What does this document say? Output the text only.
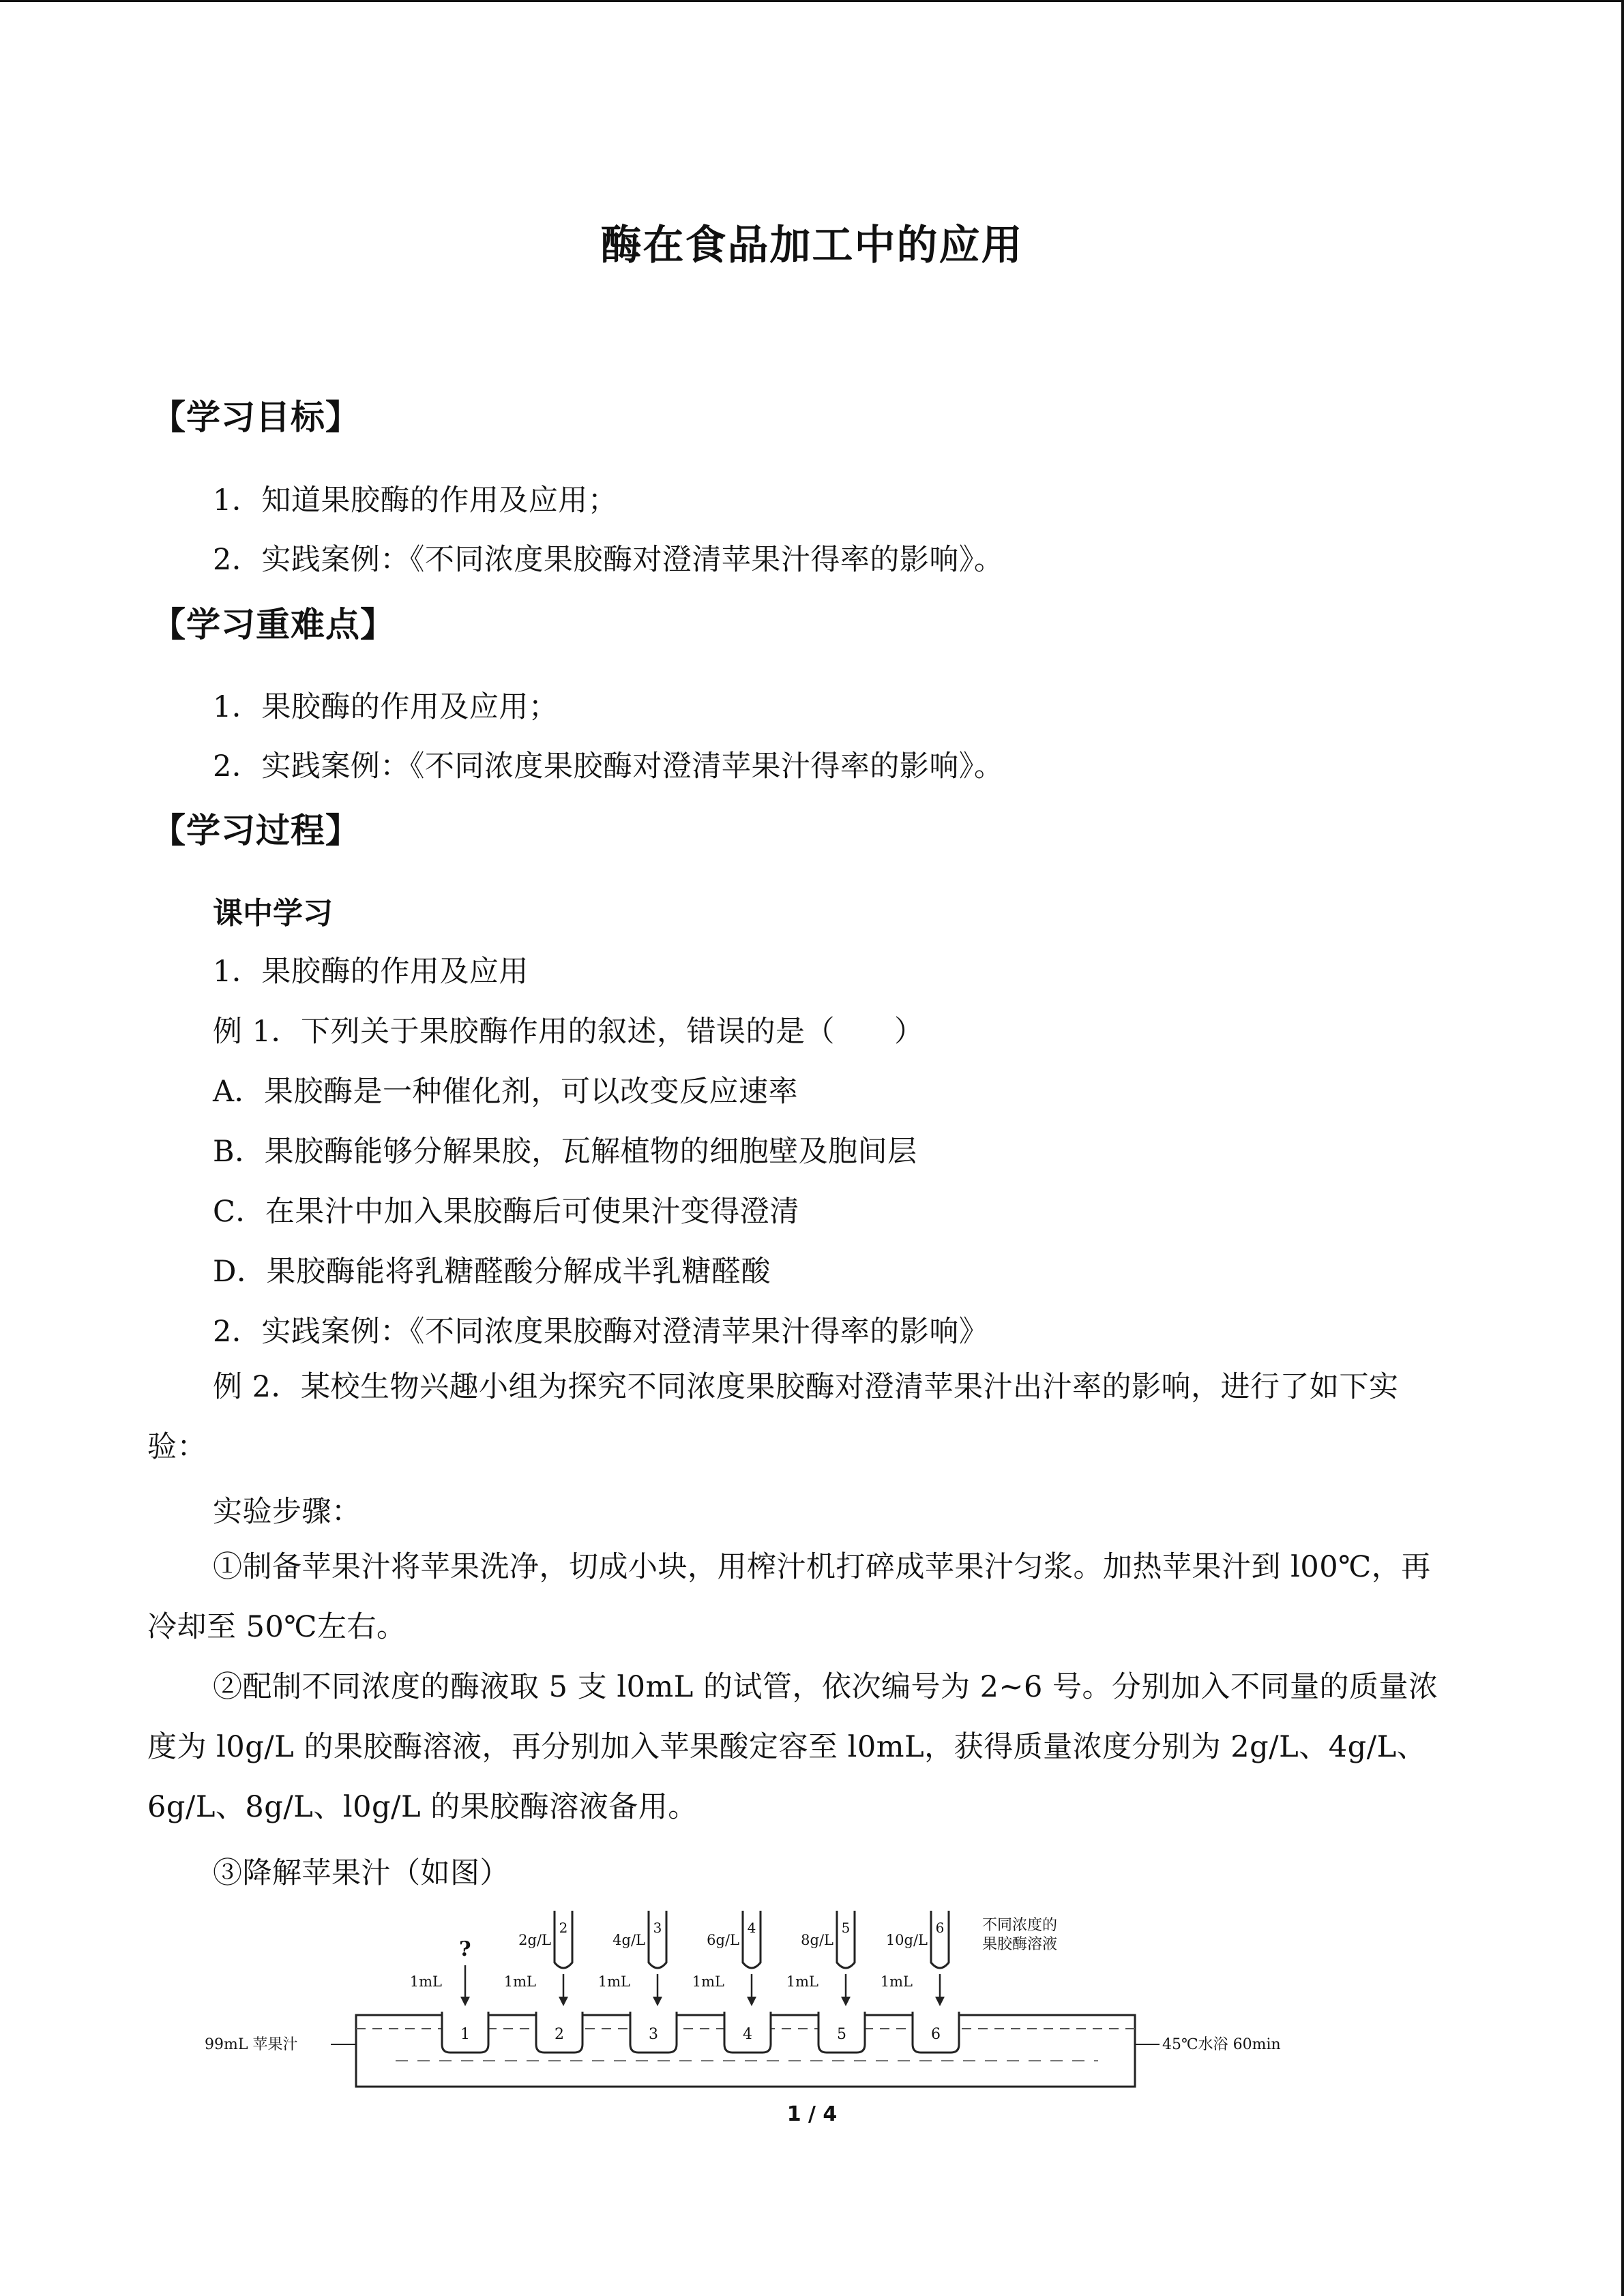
酶在食品加工中的应用
【学习目标】
1．知道果胶酶的作用及应用；
2．实践案例：《不同浓度果胶酶对澄清苹果汁得率的影响》。
【学习重难点】
1．果胶酶的作用及应用；
2．实践案例：《不同浓度果胶酶对澄清苹果汁得率的影响》。
【学习过程】
课中学习
1．果胶酶的作用及应用
例 1．下列关于果胶酶作用的叙述，错误的是（　　）
A．果胶酶是一种催化剂，可以改变反应速率
B．果胶酶能够分解果胶，瓦解植物的细胞壁及胞间层
C．在果汁中加入果胶酶后可使果汁变得澄清
D．果胶酶能将乳糖醛酸分解成半乳糖醛酸
2．实践案例：《不同浓度果胶酶对澄清苹果汁得率的影响》
例 2．某校生物兴趣小组为探究不同浓度果胶酶对澄清苹果汁出汁率的影响，进行了如下实验：
实验步骤：
①制备苹果汁将苹果洗净，切成小块，用榨汁机打碎成苹果汁匀浆。加热苹果汁到 l00℃，再冷却至 50℃左右。
②配制不同浓度的酶液取 5 支 l0mL 的试管，依次编号为 2~6 号。分别加入不同量的质量浓度为 l0g/L 的果胶酶溶液，再分别加入苹果酸定容至 l0mL，获得质量浓度分别为 2g/L、4g/L、6g/L、8g/L、l0g/L 的果胶酶溶液备用。
③降解苹果汁（如图）
99mL 苹果汁	45℃水浴 60min
不同浓度的
果胶酶溶液
?
1
1mL
2
1mL
3
1mL
4
1mL
5
1mL
6
1mL
2
2g/L
3
4g/L
4
6g/L
5
8g/L
6
10g/L
1 / 4
